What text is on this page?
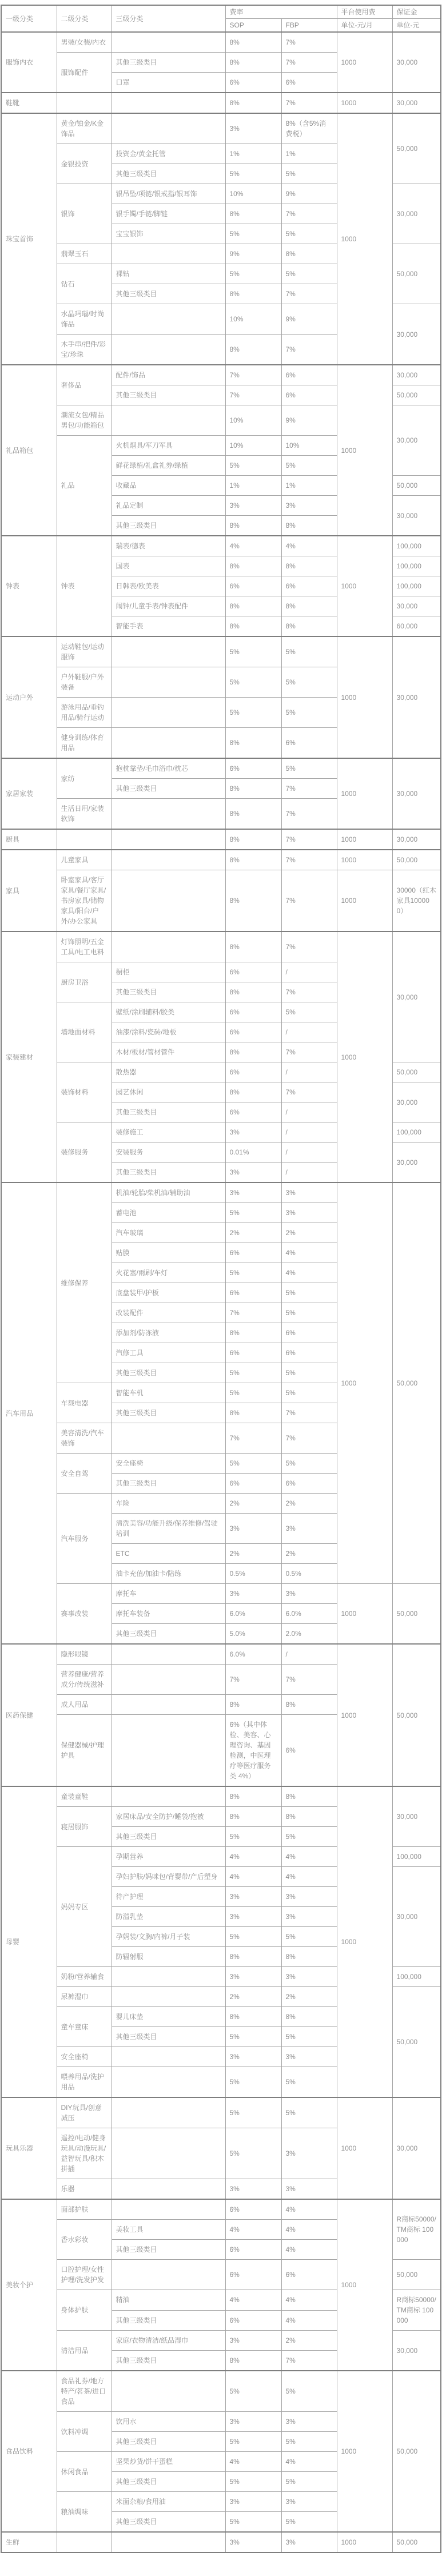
一级分类	二级分类	三级分类	费率		平台使用费	保证金
			SOP	FBP	单位-元/月	单位-元
服饰内衣	男装/女装/内衣		8%	7%	1000	30,000
	服饰配件	其他三级类目	8%	7%		
		口罩	6%	6%		
鞋靴			8%	7%	1000	30,000
珠宝首饰	黄金/铂金/K金饰品		3%	8%（含5%消费税）	1000	50,000
	金银投资	投资金/黄金托管	1%	1%		
		其他三级类目	5%	5%		
	银饰	银吊坠/项链/银戒指/银耳饰	10%	9%		30,000
		银手镯/手链/脚链	8%	7%		
		宝宝银饰	5%	5%		
	翡翠玉石		9%	8%		50,000
	钻石	裸钻	5%	5%		
		其他三级类目	8%	7%		
	水晶玛瑙/时尚饰品		10%	9%		30,000
	木手串/把件/彩宝/珍珠		8%	7%		
礼品箱包	奢侈品	配件/饰品	7%	6%	1000	30,000
		其他三级类目	7%	6%		50,000
	潮流女包/精品男包/功能箱包		10%	9%		30,000
	礼品	火机烟具/军刀军具	10%	10%		
		鲜花绿植/礼盒礼券/绿植	5%	5%		
		收藏品	1%	1%		50,000
		礼品定制	3%	3%		30,000
		其他三级类目	8%	8%		
钟表	钟表	瑞表/德表	4%	4%	1000	100,000
		国表	8%	8%		100,000
		日韩表/欧美表	6%	6%		100,000
		闹钟/儿童手表/钟表配件	8%	8%		30,000
		智能手表	8%	8%		60,000
运动户外	运动鞋包/运动服饰		5%	5%	1000	30,000
	户外鞋服/户外装备		5%	5%		
	游泳用品/垂钓用品/骑行运动		5%	5%		
	健身训练/体育用品		8%	6%		
家居家装	家纺	抱枕靠垫/毛巾浴巾/枕芯	6%	5%	1000	30,000
		其他三级类目	8%	7%		
	生活日用/家装软饰		8%	7%		
厨具			8%	7%	1000	30,000
家具	儿童家具		8%	7%	1000	50,000
	卧室家具/客厅家具/餐厅家具/书房家具/储物家具/阳台/户外/办公家具		8%	7%	1000	30000（红木家具100000）
家装建材	灯饰照明/五金工具/电工电料		8%	7%	1000	30,000
	厨房卫浴	橱柜	6%	/		
		其他三级类目	8%	7%		
	墙地面材料	壁纸/涂刷辅料/胶类	6%	5%		
		油漆/涂料/瓷砖/地板	6%	/		
		木材/板材/管材管件	8%	7%		
	装饰材料	散热器	6%	/		50,000
		园艺休闲	8%	7%		30,000
		其他三级类目	6%	/		
	装修服务	装修施工	3%	/		100,000
		安装服务	0.01%	/		30,000
		其他三级类目	3%	/		
汽车用品	维修保养	机油/轮胎/柴机油/辅助油	3%	3%	1000	50,000
		蓄电池	5%	3%		
		汽车玻璃	2%	2%		
		贴膜	6%	4%		
		火花塞/雨刷/车灯	5%	4%		
		底盘装甲/护板	6%	5%		
		改装配件	7%	5%		
		添加剂/防冻液	8%	6%		
		汽修工具	6%	6%		
		其他三级类目	5%	5%		
	车载电器	智能车机	5%	5%		
		其他三级类目	8%	7%		
	美容清洗/汽车装饰		7%	7%		
	安全自驾	安全座椅	5%	5%		
		其他三级类目	6%	6%		
	汽车服务	车险	2%	2%		
		清洗美容/功能升级/保养维修/驾驶培训	3%	3%		
		ETC	2%	2%		
		油卡充值/加油卡/陪练	0.5%	0.5%		
	赛事改装	摩托车	3%	3%	1000	50,000
		摩托车装备	6.0%	6.0%		
		其他三级类目	5.0%	2.0%		
医药保健	隐形眼镜		6.0%	/	1000	50,000
	营养健康/营养成分/传统滋补		7%	7%		
	成人用品		8%	8%		
	保健器械/护理护具		6%（其中体检、美容、心理咨询、基因检测，中医理疗等医疗服务类 4%）	6%		
母婴	童装童鞋		8%	8%	1000	30,000
	寝居服饰	家居床品/安全防护/睡袋/抱被	8%	8%		
		其他三级类目	5%	5%		
	妈妈专区	孕期营养	4%	4%		100,000
		孕妇护肤/妈咪包/背婴带/产后塑身	4%	4%		30,000
		待产护理	3%	3%		
		防溢乳垫	3%	3%		
		孕妈装/文胸/内裤/月子装	5%	5%		
		防辐射服	8%	8%		
	奶粉/营养辅食		3%	3%		100,000
	尿裤湿巾		2%	2%		50,000
	童车童床	婴儿床垫	8%	8%		
		其他三级类目	5%	5%		
	安全座椅		3%	3%		
	喂养用品/洗护用品		5%	5%		
玩具乐器	DIY玩具/创意减压		5%	5%	1000	30,000
	遥控/电动/健身玩具/动漫玩具/益智玩具/积木拼插		5%	3%		
	乐器		3%	3%		
美妆个护	面部护肤		6%	4%	1000	R商标50000/TM商标 100000
	香水彩妆	美妆工具	4%	4%		
		其他三级类目	6%	4%		
	口腔护理/女性护理/洗发护发		6%	6%		50,000
	身体护肤	精油	4%	4%		R商标50000/TM商标 100000
		其他三级类目	6%	4%		
	清洁用品	家庭/衣物清洁/纸品湿巾	3%	2%		30,000
		其他三级类目	8%	7%		
食品饮料	食品礼券/地方特产/茗茶/进口食品		5%	5%	1000	50,000
	饮料冲调	饮用水	3%	3%		
		其他三级类目	5%	5%		
	休闲食品	坚果炒货/饼干蛋糕	4%	4%		
		其他三级类目	5%	5%		
	粮油调味	米面杂粮/食用油	3%	3%		
		其他三级类目	5%	5%		
生鲜			3%	3%	1000	50,000
